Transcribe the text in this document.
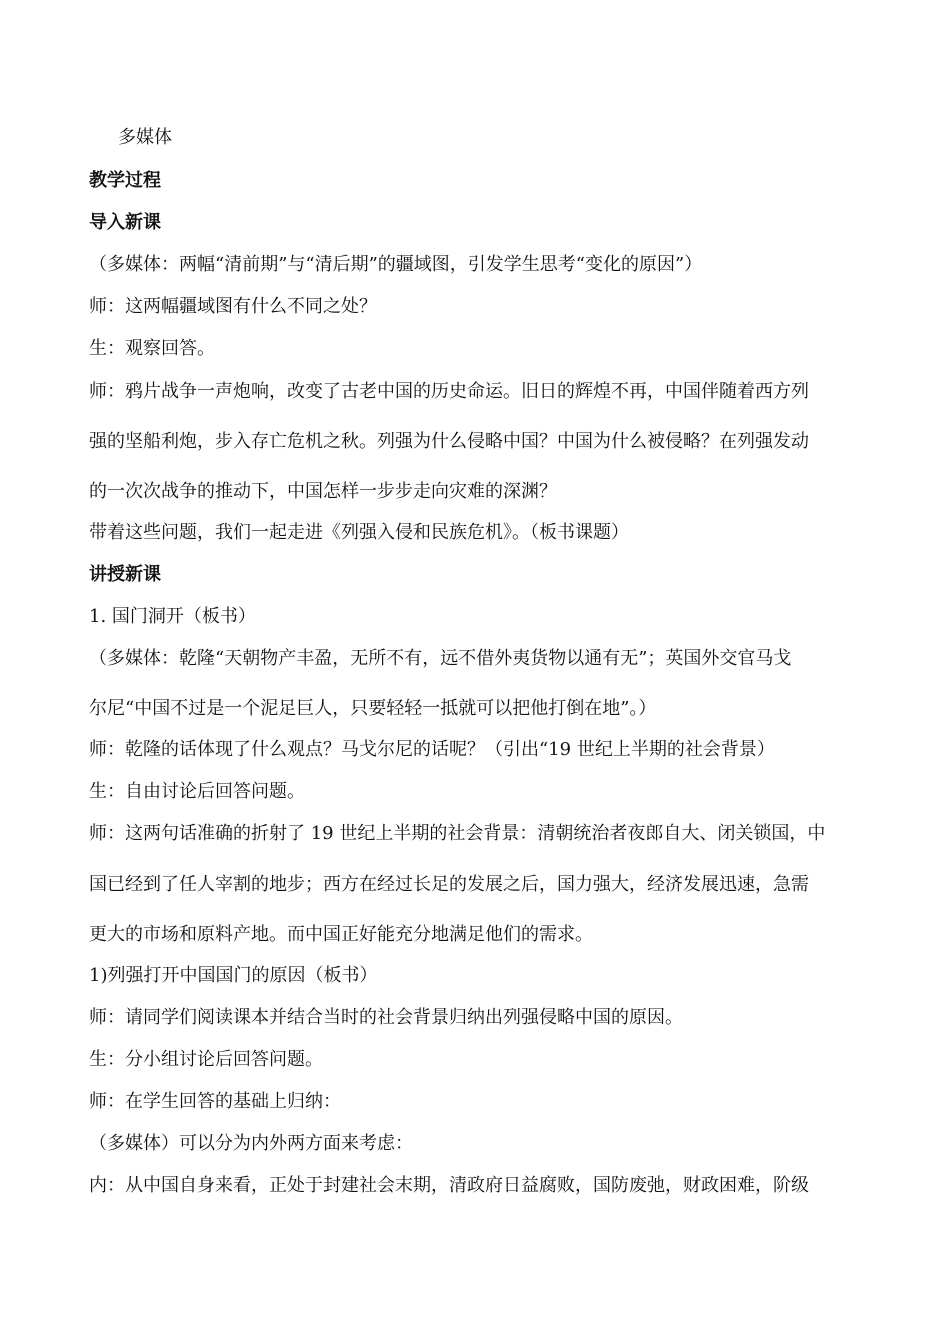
多媒体
教学过程
导入新课
（多媒体：两幅“清前期”与“清后期”的疆域图，引发学生思考“变化的原因”）
师：这两幅疆域图有什么不同之处？
生：观察回答。
师：鸦片战争一声炮响，改变了古老中国的历史命运。旧日的辉煌不再，中国伴随着西方列
强的坚船利炮，步入存亡危机之秋。列强为什么侵略中国？中国为什么被侵略？在列强发动
的一次次战争的推动下，中国怎样一步步走向灾难的深渊？
带着这些问题，我们一起走进《列强入侵和民族危机》。（板书课题）
讲授新课
1. 国门洞开（板书）
（多媒体：乾隆“天朝物产丰盈，无所不有，远不借外夷货物以通有无”；英国外交官马戈
尔尼“中国不过是一个泥足巨人，只要轻轻一抵就可以把他打倒在地”。）
师：乾隆的话体现了什么观点？马戈尔尼的话呢？（引出“19 世纪上半期的社会背景）
生：自由讨论后回答问题。
师：这两句话准确的折射了 19 世纪上半期的社会背景：清朝统治者夜郎自大、闭关锁国，中
国已经到了任人宰割的地步；西方在经过长足的发展之后，国力强大，经济发展迅速，急需
更大的市场和原料产地。而中国正好能充分地满足他们的需求。
1)列强打开中国国门的原因（板书）
师：请同学们阅读课本并结合当时的社会背景归纳出列强侵略中国的原因。
生：分小组讨论后回答问题。
师：在学生回答的基础上归纳：
（多媒体）可以分为内外两方面来考虑：
内：从中国自身来看，正处于封建社会末期，清政府日益腐败，国防废弛，财政困难，阶级
